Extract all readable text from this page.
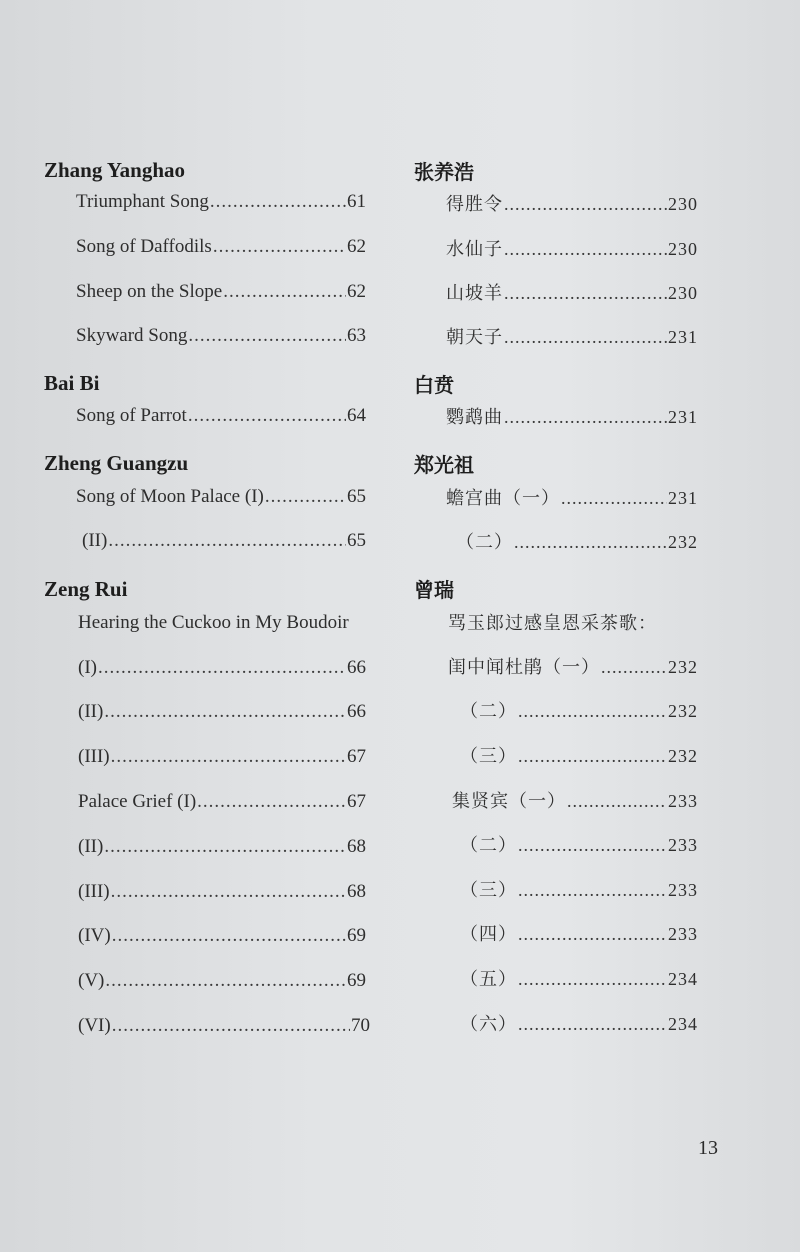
Zhang Yanghao
Triumphant Song .....	61
Song of Daffodils .....	62
Sheep on the Slope .....	62
Skyward Song .....	63
Bai Bi
Song of Parrot .....	64
Zheng Guangzu
Song of Moon Palace (I) .....	65
(II) .....	65
Zeng Rui
Hearing the Cuckoo in My Boudoir
(I) .....	66
(II) .....	66
(III) .....	67
Palace Grief (I) .....	67
(II) .....	68
(III) .....	68
(IV) .....	69
(V) .....	69
(VI) .....	70
张养浩
得胜令 .....	230
水仙子 .....	230
山坡羊 .....	230
朝天子 .....	231
白贲
鹦鹉曲 .....	231
郑光祖
蟾宫曲（一） .....	231
（二） .....	232
曾瑞
骂玉郎过感皇恩采茶歌：
闺中闻杜鹃（一） .....	232
（二） .....	232
（三） .....	232
集贤宾（一） .....	233
（二） .....	233
（三） .....	233
（四） .....	233
（五） .....	234
（六） .....	234
13
